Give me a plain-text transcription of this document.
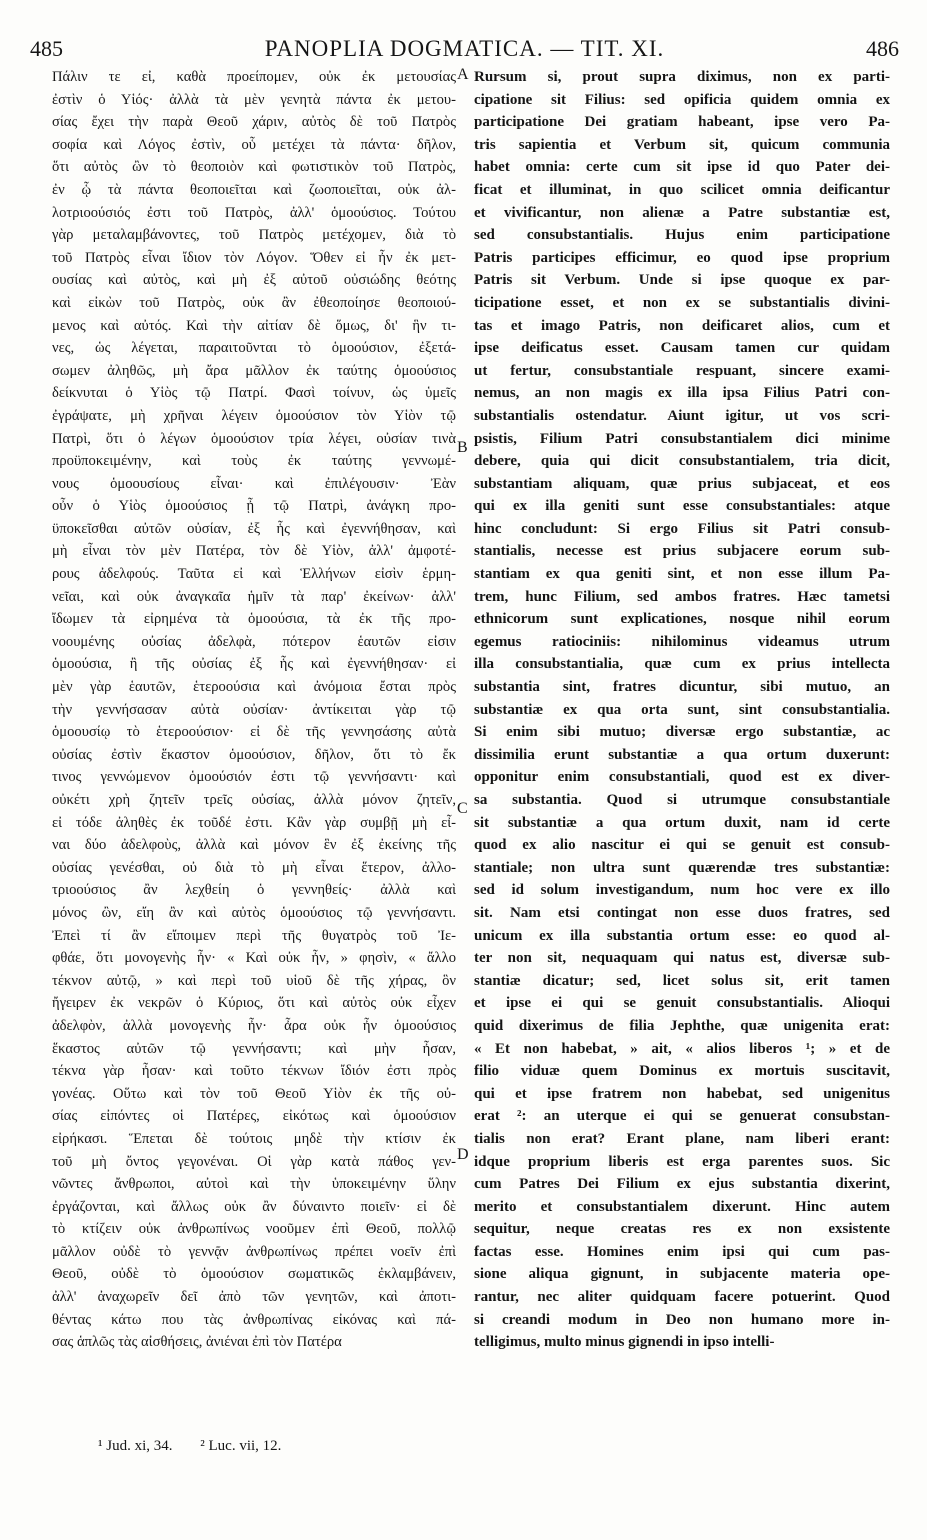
485	PANOPLIA DOGMATICA. — TIT. XI.	486
Πάλιν τε εἰ, καθὰ προείπομεν, οὐκ ἐκ μετουσίας
ἐστὶν ὁ Υἱός· ἀλλὰ τὰ μὲν γενητὰ πάντα ἐκ μετου-
σίας ἔχει τὴν παρὰ Θεοῦ χάριν, αὐτὸς δὲ τοῦ Πατρὸς
σοφία καὶ Λόγος ἐστὶν, οὗ μετέχει τὰ πάντα· δῆλον,
ὅτι αὐτὸς ὢν τὸ θεοποιὸν καὶ φωτιστικὸν τοῦ Πατρὸς,
ἐν ᾧ τὰ πάντα θεοποιεῖται καὶ ζωοποιεῖται, οὐκ ἀλ-
λοτριοούσιός ἐστι τοῦ Πατρὸς, ἀλλ' ὁμοούσιος. Τούτου
γὰρ μεταλαμβάνοντες, τοῦ Πατρὸς μετέχομεν, διὰ τὸ
τοῦ Πατρὸς εἶναι ἴδιον τὸν Λόγον. Ὅθεν εἰ ἦν ἐκ μετ-
ουσίας καὶ αὐτὸς, καὶ μὴ ἐξ αὐτοῦ οὐσιώδης θεότης
καὶ εἰκὼν τοῦ Πατρὸς, οὐκ ἂν ἐθεοποίησε θεοποιού-
μενος καὶ αὐτός. Καὶ τὴν αἰτίαν δὲ ὅμως, δι' ἣν τι-
νες, ὡς λέγεται, παραιτοῦνται τὸ ὁμοούσιον, ἐξετά-
σωμεν ἀληθῶς, μὴ ἄρα μᾶλλον ἐκ ταύτης ὁμοούσιος
δείκνυται ὁ Υἱὸς τῷ Πατρί. Φασὶ τοίνυν, ὡς ὑμεῖς
ἐγράψατε, μὴ χρῆναι λέγειν ὁμοούσιον τὸν Υἱὸν τῷ
Πατρὶ, ὅτι ὁ λέγων ὁμοούσιον τρία λέγει, οὐσίαν τινὰ
προϋποκειμένην, καὶ τοὺς ἐκ ταύτης γεννωμέ-
νους ὁμοουσίους εἶναι· καὶ ἐπιλέγουσιν· Ἐὰν
οὖν ὁ Υἱὸς ὁμοούσιος ᾖ τῷ Πατρὶ, ἀνάγκη προ-
ϋποκεῖσθαι αὐτῶν οὐσίαν, ἐξ ἧς καὶ ἐγεννήθησαν, καὶ
μὴ εἶναι τὸν μὲν Πατέρα, τὸν δὲ Υἱὸν, ἀλλ' ἀμφοτέ-
ρους ἀδελφούς. Ταῦτα εἰ καὶ Ἑλλήνων εἰσὶν ἑρμη-
νεῖαι, καὶ οὐκ ἀναγκαῖα ἡμῖν τὰ παρ' ἐκείνων· ἀλλ'
ἴδωμεν τὰ εἰρημένα τὰ ὁμοούσια, τὰ ἐκ τῆς προ-
νοουμένης οὐσίας ἀδελφὰ, πότερον ἑαυτῶν εἰσιν
ὁμοούσια, ἢ τῆς οὐσίας ἐξ ἧς καὶ ἐγεννήθησαν· εἰ
μὲν γὰρ ἑαυτῶν, ἑτεροούσια καὶ ἀνόμοια ἔσται πρὸς
τὴν γεννήσασαν αὐτὰ οὐσίαν· ἀντίκειται γὰρ τῷ
ὁμοουσίῳ τὸ ἑτεροούσιον· εἰ δὲ τῆς γεννησάσης αὐτὰ
οὐσίας ἐστὶν ἕκαστον ὁμοούσιον, δῆλον, ὅτι τὸ ἔκ
τινος γεννώμενον ὁμοούσιόν ἐστι τῷ γεννήσαντι· καὶ
οὐκέτι χρὴ ζητεῖν τρεῖς οὐσίας, ἀλλὰ μόνον ζητεῖν,
εἰ τόδε ἀληθὲς ἐκ τοῦδέ ἐστι. Κἂν γὰρ συμβῇ μὴ εἶ-
ναι δύο ἀδελφοὺς, ἀλλὰ καὶ μόνον ἓν ἐξ ἐκείνης τῆς
οὐσίας γενέσθαι, οὐ διὰ τὸ μὴ εἶναι ἕτερον, ἀλλο-
τριοούσιος ἂν λεχθείη ὁ γεννηθείς· ἀλλὰ καὶ
μόνος ὢν, εἴη ἂν καὶ αὐτὸς ὁμοούσιος τῷ γεννήσαντι.
Ἐπεὶ τί ἂν εἴποιμεν περὶ τῆς θυγατρὸς τοῦ Ἰε-
φθάε, ὅτι μονογενὴς ἦν· « Καὶ οὐκ ἦν, » φησὶν, « ἄλλο
τέκνον αὐτῷ, » καὶ περὶ τοῦ υἱοῦ δὲ τῆς χήρας, ὃν
ἤγειρεν ἐκ νεκρῶν ὁ Κύριος, ὅτι καὶ αὐτὸς οὐκ εἶχεν
ἀδελφὸν, ἀλλὰ μονογενὴς ἦν· ἆρα οὐκ ἦν ὁμοούσιος
ἕκαστος αὐτῶν τῷ γεννήσαντι; καὶ μὴν ἦσαν,
τέκνα γὰρ ἦσαν· καὶ τοῦτο τέκνων ἴδιόν ἐστι πρὸς
γονέας. Οὕτω καὶ τὸν τοῦ Θεοῦ Υἱὸν ἐκ τῆς οὐ-
σίας εἰπόντες οἱ Πατέρες, εἰκότως καὶ ὁμοούσιον
εἰρήκασι. Ἕπεται δὲ τούτοις μηδὲ τὴν κτίσιν ἐκ
τοῦ μὴ ὄντος γεγονέναι. Οἱ γὰρ κατὰ πάθος γεν-
νῶντες ἄνθρωποι, αὐτοὶ καὶ τὴν ὑποκειμένην ὕλην
ἐργάζονται, καὶ ἄλλως οὐκ ἂν δύναιντο ποιεῖν· εἰ δὲ
τὸ κτίζειν οὐκ ἀνθρωπίνως νοοῦμεν ἐπὶ Θεοῦ, πολλῷ
μᾶλλον οὐδὲ τὸ γεννᾷν ἀνθρωπίνως πρέπει νοεῖν ἐπὶ
Θεοῦ, οὐδὲ τὸ ὁμοούσιον σωματικῶς ἐκλαμβάνειν,
ἀλλ' ἀναχωρεῖν δεῖ ἀπὸ τῶν γενητῶν, καὶ ἀποτι-
θέντας κάτω που τὰς ἀνθρωπίνας εἰκόνας καὶ πά-
σας ἁπλῶς τὰς αἰσθήσεις, ἀνιέναι ἐπὶ τὸν Πατέρα
Rursum si, prout supra diximus, non ex parti-
cipatione sit Filius: sed opificia quidem omnia ex
participatione Dei gratiam habeant, ipse vero Pa-
tris sapientia et Verbum sit, quicum communia
habet omnia: certe cum sit ipse id quo Pater dei-
ficat et illuminat, in quo scilicet omnia deificantur
et vivificantur, non alienæ a Patre substantiæ est,
sed consubstantialis. Hujus enim participatione
Patris participes efficimur, eo quod ipse proprium
Patris sit Verbum. Unde si ipse quoque ex par-
ticipatione esset, et non ex se substantialis divini-
tas et imago Patris, non deificaret alios, cum et
ipse deificatus esset. Causam tamen cur quidam
ut fertur, consubstantiale respuant, sincere exami-
nemus, an non magis ex illa ipsa Filius Patri con-
substantialis ostendatur. Aiunt igitur, ut vos scri-
psistis, Filium Patri consubstantialem dici minime
debere, quia qui dicit consubstantialem, tria dicit,
substantiam aliquam, quæ prius subjaceat, et eos
qui ex illa geniti sunt esse consubstantiales: atque
hinc concludunt: Si ergo Filius sit Patri consub-
stantialis, necesse est prius subjacere eorum sub-
stantiam ex qua geniti sint, et non esse illum Pa-
trem, hunc Filium, sed ambos fratres. Hæc tametsi
ethnicorum sunt explicationes, nosque nihil eorum
egemus ratiociniis: nihilominus videamus utrum
illa consubstantialia, quæ cum ex prius intellecta
substantia sint, fratres dicuntur, sibi mutuo, an
substantiæ ex qua orta sunt, sint consubstantialia.
Si enim sibi mutuo; diversæ ergo substantiæ, ac
dissimilia erunt substantiæ a qua ortum duxerunt:
opponitur enim consubstantiali, quod est ex diver-
sa substantia. Quod si utrumque consubstantiale
sit substantiæ a qua ortum duxit, nam id certe
quod ex alio nascitur ei qui se genuit est consub-
stantiale; non ultra sunt quærendæ tres substantiæ:
sed id solum investigandum, num hoc vere ex illo
sit. Nam etsi contingat non esse duos fratres, sed
unicum ex illa substantia ortum esse: eo quod al-
ter non sit, nequaquam qui natus est, diversæ sub-
stantiæ dicatur; sed, licet solus sit, erit tamen
et ipse ei qui se genuit consubstantialis. Alioqui
quid dixerimus de filia Jephthe, quæ unigenita erat:
« Et non habebat, » ait, « alios liberos ¹; » et de
filio viduæ quem Dominus ex mortuis suscitavit,
qui et ipse fratrem non habebat, sed unigenitus
erat ²: an uterque ei qui se genuerat consubstan-
tialis non erat? Erant plane, nam liberi erant:
idque proprium liberis est erga parentes suos. Sic
cum Patres Dei Filium ex ejus substantia dixerint,
merito et consubstantialem dixerunt. Hinc autem
sequitur, neque creatas res ex non exsistente
factas esse. Homines enim ipsi qui cum pas-
sione aliqua gignunt, in subjacente materia ope-
rantur, nec aliter quidquam facere potuerint. Quod
si creandi modum in Deo non humano more in-
telligimus, multo minus gignendi in ipso intelli-
A
B
C
D
¹ Jud. xi, 34. ² Luc. vii, 12.
